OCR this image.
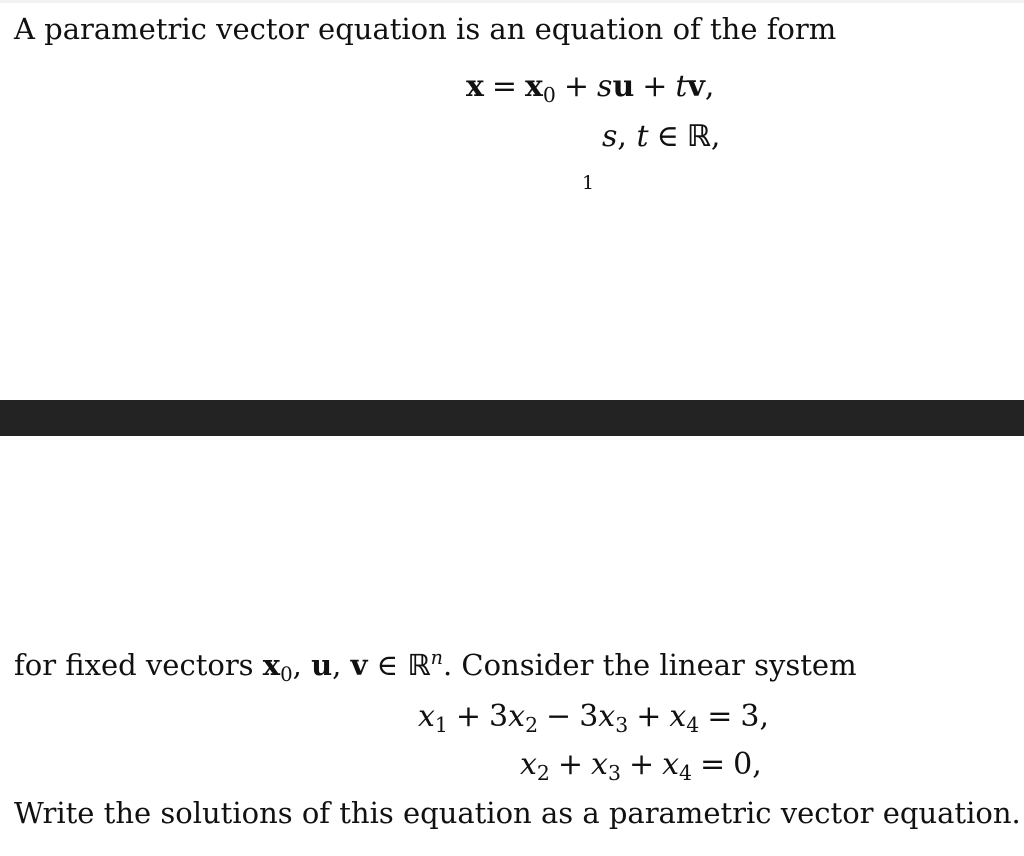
A parametric vector equation is an equation of the form
x = x0 + su + tv,
s, t ∈ ℝ,
1
for fixed vectors x0, u, v ∈ ℝ$^n$. Consider the linear system
x1 + 3x2 − 3x3 + x4 = 3,
x2 + x3 + x4 = 0,
Write the solutions of this equation as a parametric vector equation.
